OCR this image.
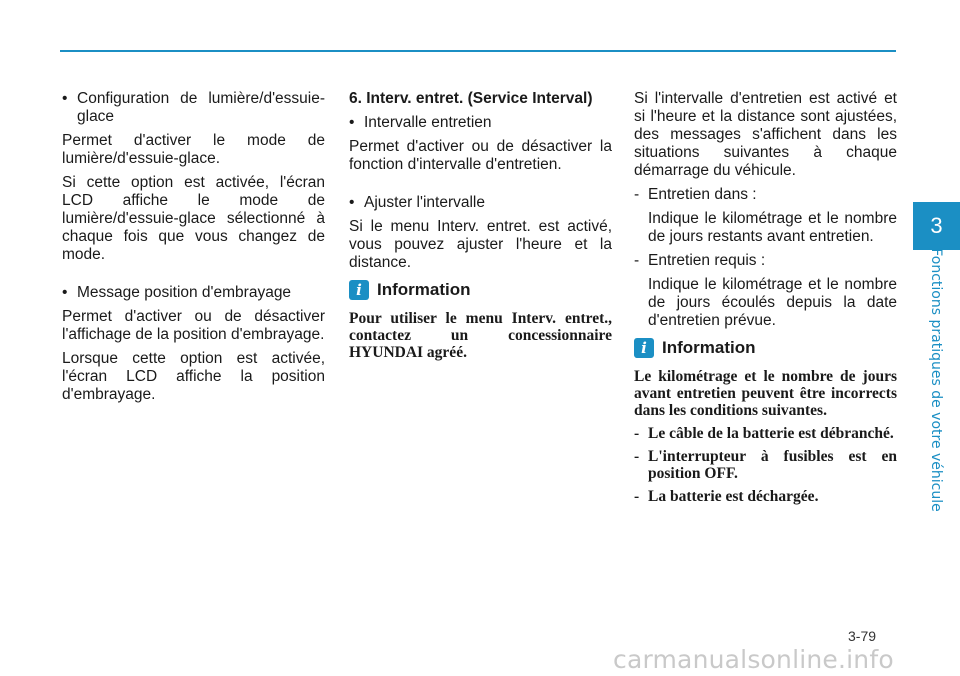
•
Configuration de lumière/d'essuie-glace

Permet d'activer le mode de lumière/d'essuie-glace.

Si cette option est activée, l'écran LCD affiche le mode de lumière/d'essuie-glace sélectionné à chaque fois que vous changez de mode.

•
Message position d'embrayage

Permet d'activer ou de désactiver l'affichage de la position d'embrayage.

Lorsque cette option est activée, l'écran LCD affiche la position d'embrayage.

6. Interv. entret. (Service Interval)

•
Intervalle entretien

Permet d'activer ou de désactiver la fonction d'intervalle d'entretien.

•
Ajuster l'intervalle

Si le menu Interv. entret. est activé, vous pouvez ajuster l'heure et la distance.

i Information

Pour utiliser le menu Interv. entret., contactez un concessionnaire HYUNDAI agréé.

Si l'intervalle d'entretien est activé et si l'heure et la distance sont ajustées, des messages s'affichent dans les situations suivantes à chaque démarrage du véhicule.

- Entretien dans :

Indique le kilométrage et le nombre de jours restants avant entretien.

- Entretien requis :

Indique le kilométrage et le nombre de jours écoulés depuis la date d'entretien prévue.

i Information

Le kilométrage et le nombre de jours avant entretien peuvent être incorrects dans les conditions suivantes.

- Le câble de la batterie est débranché.
- L'interrupteur à fusibles est en position OFF.
- La batterie est déchargée.
3
Fonctions pratiques de votre véhicule
3-79
carmanualsonline.info
